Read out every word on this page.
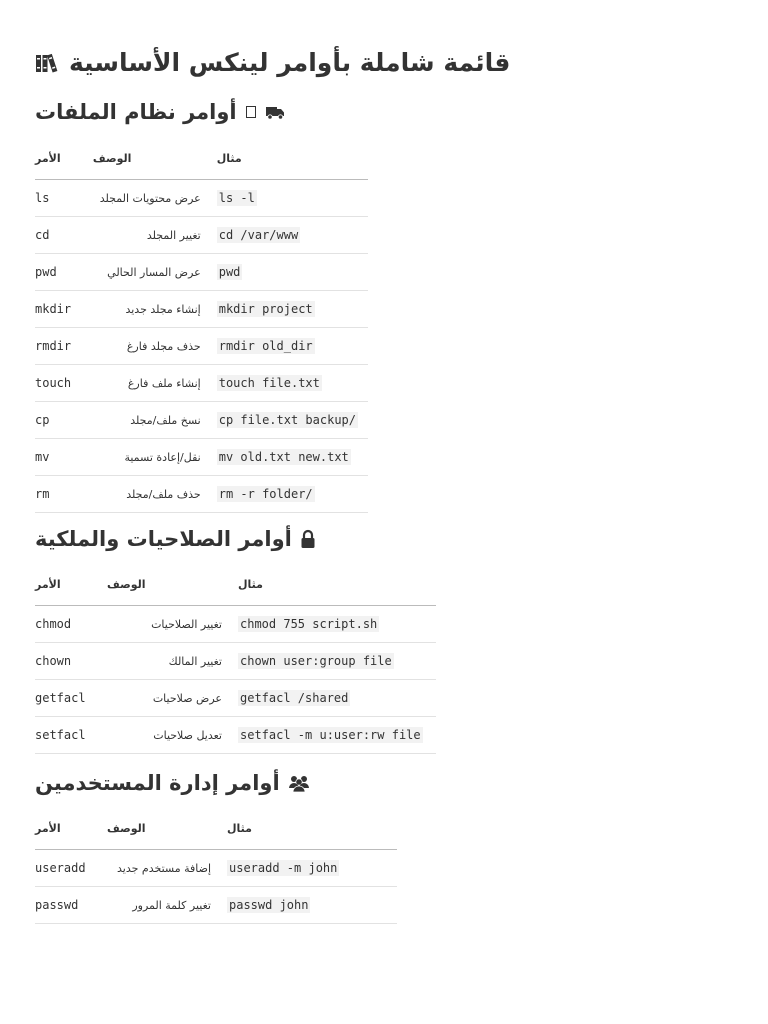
قائمة شاملة بأوامر لينكس الأساسية
أوامر نظام الملفات
الأمر	الوصف	مثال
ls	عرض محتويات المجلد	ls -l
cd	تغيير المجلد	cd /var/www
pwd	عرض المسار الحالي	pwd
mkdir	إنشاء مجلد جديد	mkdir project
rmdir	حذف مجلد فارغ	rmdir old_dir
touch	إنشاء ملف فارغ	touch file.txt
cp	نسخ ملف/مجلد	cp file.txt backup/
mv	نقل/إعادة تسمية	mv old.txt new.txt
rm	حذف ملف/مجلد	rm -r folder/
أوامر الصلاحيات والملكية
الأمر	الوصف	مثال
chmod	تغيير الصلاحيات	chmod 755 script.sh
chown	تغيير المالك	chown user:group file
getfacl	عرض صلاحيات	getfacl /shared
setfacl	تعديل صلاحيات	setfacl -m u:user:rw file
أوامر إدارة المستخدمين
الأمر	الوصف	مثال
useradd	إضافة مستخدم جديد	useradd -m john
passwd	تغيير كلمة المرور	passwd john
